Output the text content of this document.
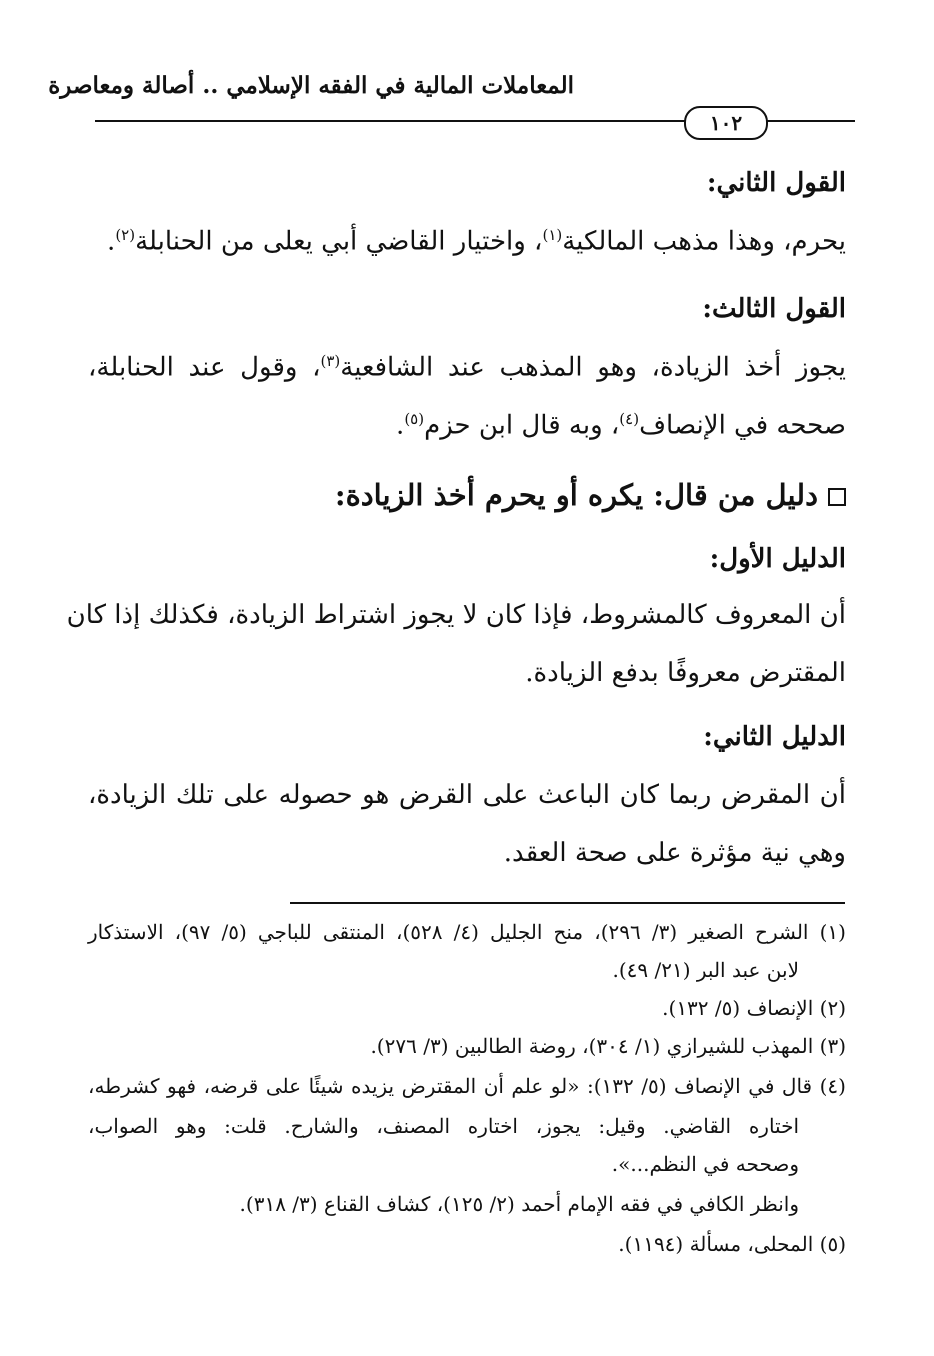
المعاملات المالية في الفقه الإسلامي .. أصالة ومعاصرة
١٠٢
القول الثاني:
يحرم، وهذا مذهب المالكية$^{(١)}$، واختيار القاضي أبي يعلى من الحنابلة$^{(٢)}$.
القول الثالث:
يجوز أخذ الزيادة، وهو المذهب عند الشافعية$^{(٣)}$، وقول عند الحنابلة،
صححه في الإنصاف$^{(٤)}$، وبه قال ابن حزم$^{(٥)}$.
دليل من قال: يكره أو يحرم أخذ الزيادة:
الدليل الأول:
أن المعروف كالمشروط، فإذا كان لا يجوز اشتراط الزيادة، فكذلك إذا كان
المقترض معروفًا بدفع الزيادة.
الدليل الثاني:
أن المقرض ربما كان الباعث على القرض هو حصوله على تلك الزيادة،
وهي نية مؤثرة على صحة العقد.
(١) الشرح الصغير (٣/ ٢٩٦)، منح الجليل (٤/ ٥٢٨)، المنتقى للباجي (٥/ ٩٧)، الاستذكار
لابن عبد البر (٢١/ ٤٩).
(٢) الإنصاف (٥/ ١٣٢).
(٣) المهذب للشيرازي (١/ ٣٠٤)، روضة الطالبين (٣/ ٢٧٦).
(٤) قال في الإنصاف (٥/ ١٣٢): «لو علم أن المقترض يزيده شيئًا على قرضه، فهو كشرطه،
اختاره القاضي. وقيل: يجوز، اختاره المصنف، والشارح. قلت: وهو الصواب،
وصححه في النظم...».
وانظر الكافي في فقه الإمام أحمد (٢/ ١٢٥)، كشاف القناع (٣/ ٣١٨).
(٥) المحلى، مسألة (١١٩٤).
